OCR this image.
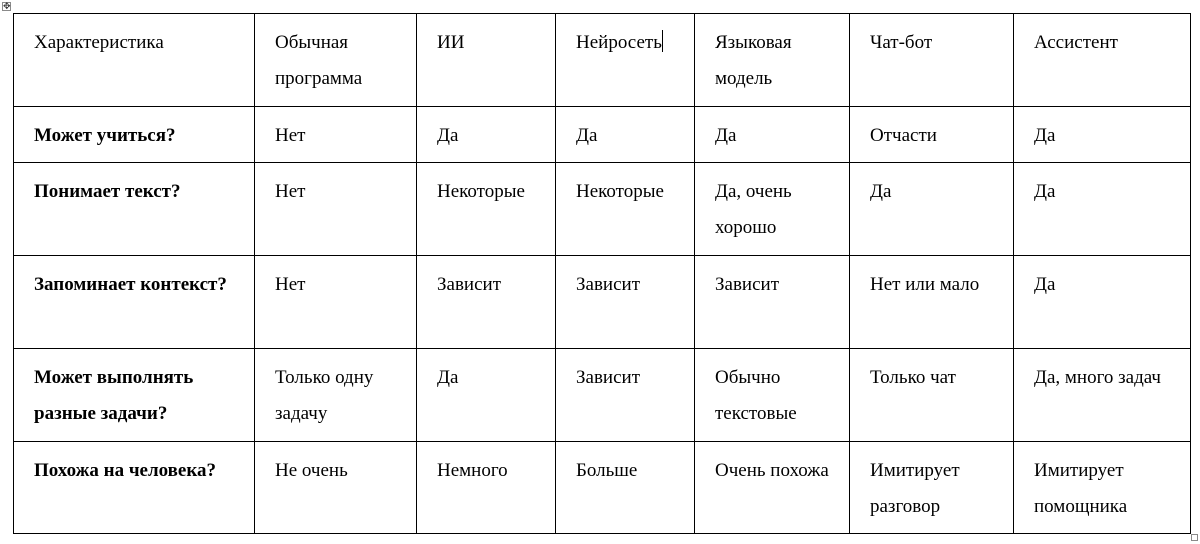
✥
Характеристика	Обычная программа	ИИ	Нейросеть	Языковая модель	Чат-бот	Ассистент
Может учиться?	Нет	Да	Да	Да	Отчасти	Да
Понимает текст?	Нет	Некоторые	Некоторые	Да, очень хорошо	Да	Да
Запоминает контекст?	Нет	Зависит	Зависит	Зависит	Нет или мало	Да
Может выполнять разные задачи?	Только одну задачу	Да	Зависит	Обычно текстовые	Только чат	Да, много задач
Похожа на человека?	Не очень	Немного	Больше	Очень похожа	Имитирует разговор	Имитирует помощника
